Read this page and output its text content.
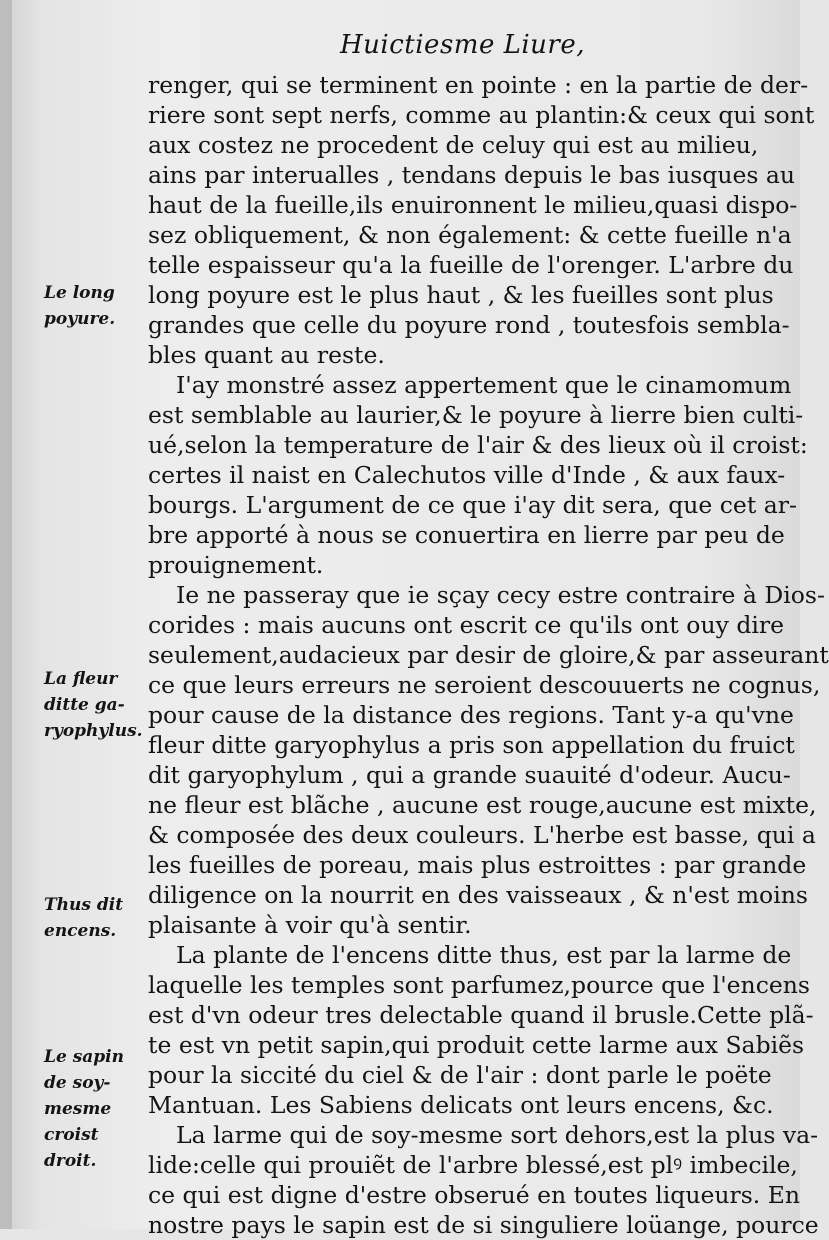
Huictiesme Liure,
renger, qui se terminent en pointe : en la partie de der-
riere sont sept nerfs, comme au plantin:& ceux qui sont
aux costez ne procedent de celuy qui est au milieu,
ains par interualles , tendans depuis le bas iusques au
haut de la fueille,ils enuironnent le milieu,quasi dispo-
sez obliquement, & non également: & cette fueille n'a
telle espaisseur qu'a la fueille de l'orenger. L'arbre du
long poyure est le plus haut , & les fueilles sont plus
grandes que celle du poyure rond , toutesfois sembla-
bles quant au reste.
I'ay monstré assez appertement que le cinamomum
est semblable au laurier,& le poyure à lierre bien culti-
ué,selon la temperature de l'air & des lieux où il croist:
certes il naist en Calechutos ville d'Inde , & aux faux-
bourgs. L'argument de ce que i'ay dit sera, que cet ar-
bre apporté à nous se conuertira en lierre par peu de
prouignement.
Ie ne passeray que ie sçay cecy estre contraire à Dios-
corides : mais aucuns ont escrit ce qu'ils ont ouy dire
seulement,audacieux par desir de gloire,& par asseurant
ce que leurs erreurs ne seroient descouuerts ne cognus,
pour cause de la distance des regions. Tant y-a qu'vne
fleur ditte garyophylus a pris son appellation du fruict
dit garyophylum , qui a grande suauité d'odeur. Aucu-
ne fleur est blãche , aucune est rouge,aucune est mixte,
& composée des deux couleurs. L'herbe est basse, qui a
les fueilles de poreau, mais plus estroittes : par grande
diligence on la nourrit en des vaisseaux , & n'est moins
plaisante à voir qu'à sentir.
La plante de l'encens ditte thus, est par la larme de
laquelle les temples sont parfumez,pource que l'encens
est d'vn odeur tres delectable quand il brusle.Cette plã-
te est vn petit sapin,qui produit cette larme aux Sabiẽs
pour la siccité du ciel & de l'air : dont parle le poëte
Mantuan. Les Sabiens delicats ont leurs encens, &c.
La larme qui de soy-mesme sort dehors,est la plus va-
lide:celle qui prouiẽt de l'arbre blessé,est plꝰ imbecile,
ce qui est digne d'estre obserué en toutes liqueurs. En
nostre pays le sapin est de si singuliere loüange, pource
Le long
poyure.
La fleur
ditte ga-
ryophylus.
Thus dit
encens.
Le sapin
de soy-
mesme
croist
droit.
